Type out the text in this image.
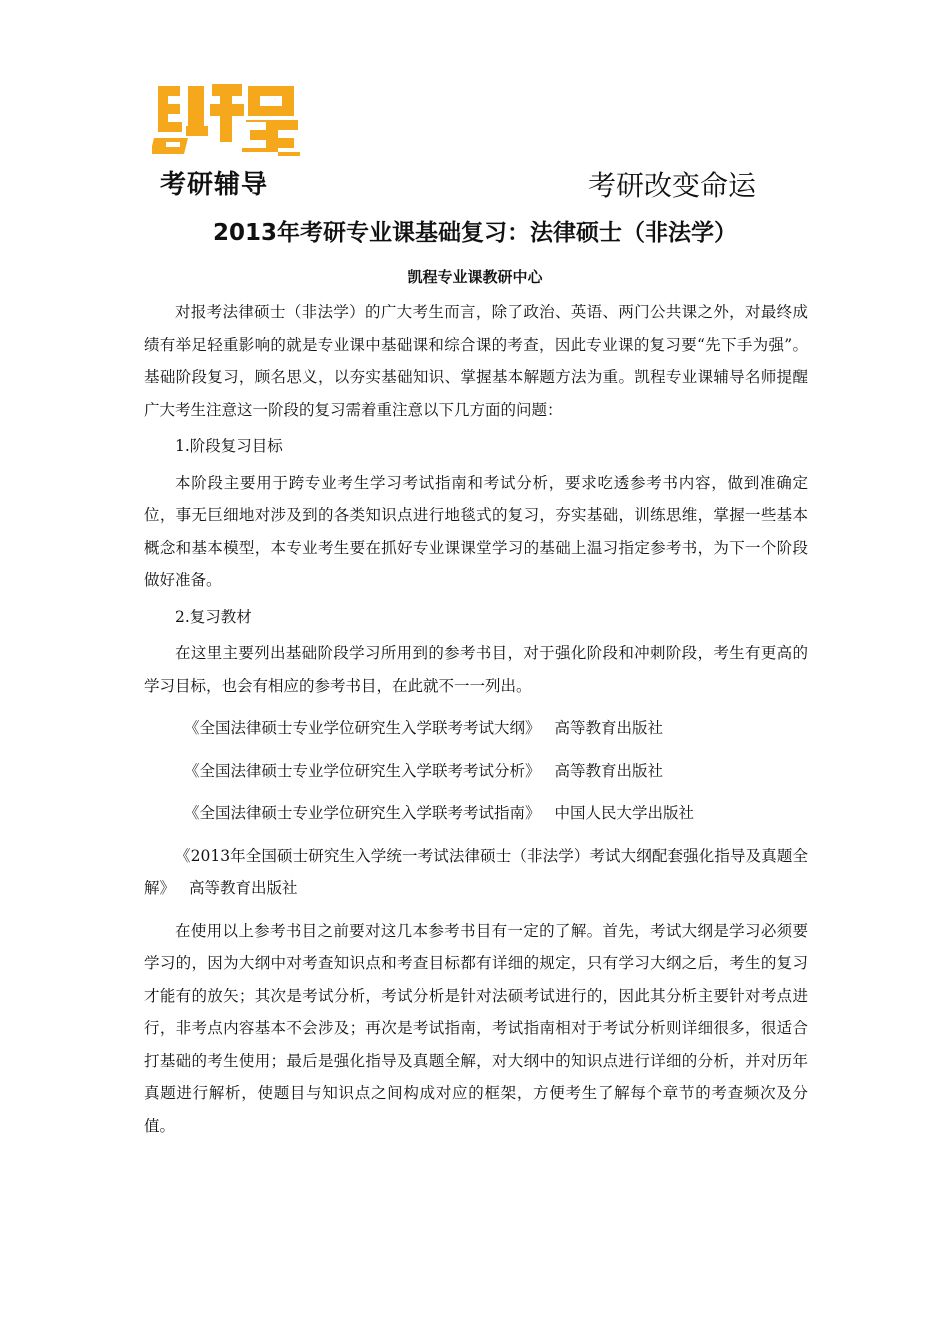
考研辅导	考研改变命运
2013年考研专业课基础复习：法律硕士（非法学）
凯程专业课教研中心

对报考法律硕士（非法学）的广大考生而言，除了政治、英语、两门公共课之外，对最终成绩有举足轻重影响的就是专业课中基础课和综合课的考查，因此专业课的复习要“先下手为强”。基础阶段复习，顾名思义，以夯实基础知识、掌握基本解题方法为重。凯程专业课辅导名师提醒广大考生注意这一阶段的复习需着重注意以下几方面的问题：

1.阶段复习目标

本阶段主要用于跨专业考生学习考试指南和考试分析，要求吃透参考书内容，做到准确定位，事无巨细地对涉及到的各类知识点进行地毯式的复习，夯实基础，训练思维，掌握一些基本概念和基本模型，本专业考生要在抓好专业课课堂学习的基础上温习指定参考书，为下一个阶段做好准备。

2.复习教材

在这里主要列出基础阶段学习所用到的参考书目，对于强化阶段和冲刺阶段，考生有更高的学习目标，也会有相应的参考书目，在此就不一一列出。

《全国法律硕士专业学位研究生入学联考考试大纲》 高等教育出版社

《全国法律硕士专业学位研究生入学联考考试分析》 高等教育出版社

《全国法律硕士专业学位研究生入学联考考试指南》 中国人民大学出版社

《2013年全国硕士研究生入学统一考试法律硕士（非法学）考试大纲配套强化指导及真题全解》 高等教育出版社

在使用以上参考书目之前要对这几本参考书目有一定的了解。首先，考试大纲是学习必须要学习的，因为大纲中对考查知识点和考查目标都有详细的规定，只有学习大纲之后，考生的复习才能有的放矢；其次是考试分析，考试分析是针对法硕考试进行的，因此其分析主要针对考点进行，非考点内容基本不会涉及；再次是考试指南，考试指南相对于考试分析则详细很多，很适合打基础的考生使用；最后是强化指导及真题全解，对大纲中的知识点进行详细的分析，并对历年真题进行解析，使题目与知识点之间构成对应的框架，方便考生了解每个章节的考查频次及分值。
